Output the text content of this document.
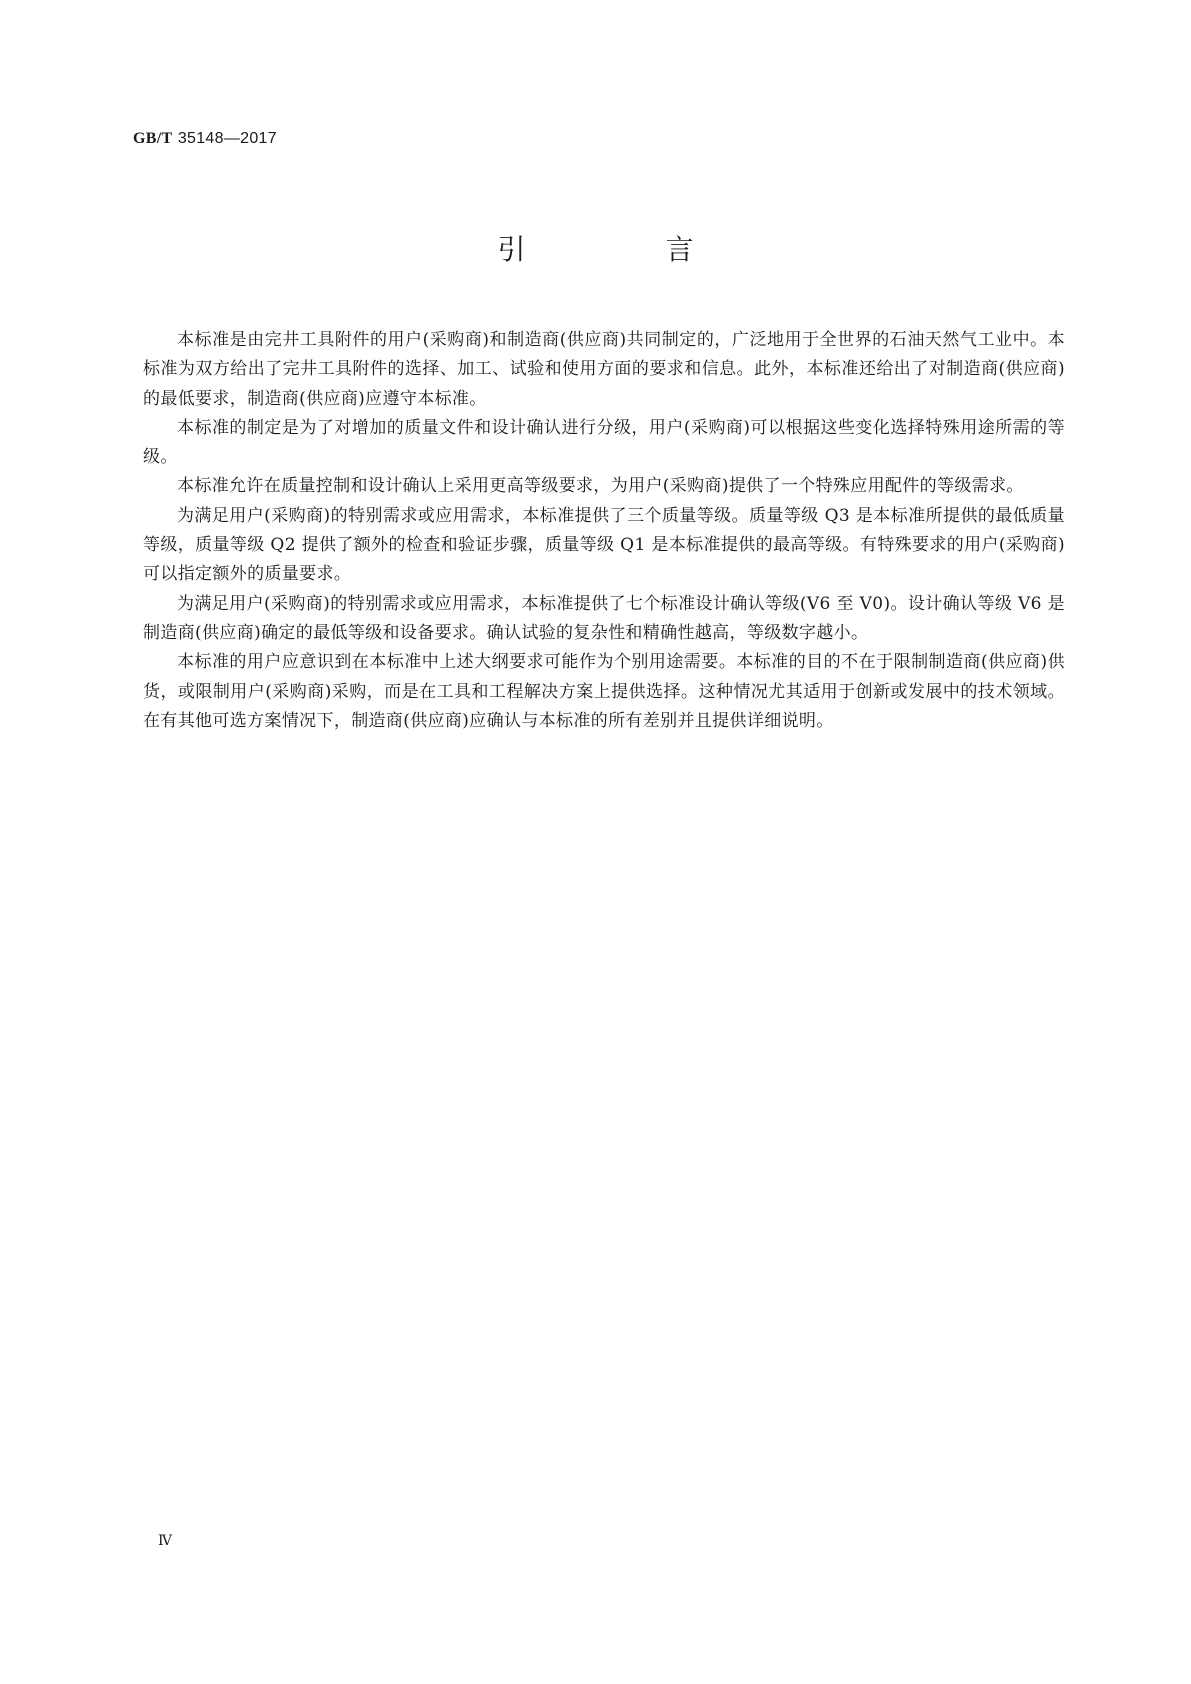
GB/T 35148—2017
引　言

本标准是由完井工具附件的用户(采购商)和制造商(供应商)共同制定的，广泛地用于全世界的石油天然气工业中。本标准为双方给出了完井工具附件的选择、加工、试验和使用方面的要求和信息。此外，本标准还给出了对制造商(供应商)的最低要求，制造商(供应商)应遵守本标准。

本标准的制定是为了对增加的质量文件和设计确认进行分级，用户(采购商)可以根据这些变化选择特殊用途所需的等级。

本标准允许在质量控制和设计确认上采用更高等级要求，为用户(采购商)提供了一个特殊应用配件的等级需求。

为满足用户(采购商)的特别需求或应用需求，本标准提供了三个质量等级。质量等级 Q3 是本标准所提供的最低质量等级，质量等级 Q2 提供了额外的检查和验证步骤，质量等级 Q1 是本标准提供的最高等级。有特殊要求的用户(采购商)可以指定额外的质量要求。

为满足用户(采购商)的特别需求或应用需求，本标准提供了七个标准设计确认等级(V6 至 V0)。设计确认等级 V6 是制造商(供应商)确定的最低等级和设备要求。确认试验的复杂性和精确性越高，等级数字越小。

本标准的用户应意识到在本标准中上述大纲要求可能作为个别用途需要。本标准的目的不在于限制制造商(供应商)供货，或限制用户(采购商)采购，而是在工具和工程解决方案上提供选择。这种情况尤其适用于创新或发展中的技术领域。在有其他可选方案情况下，制造商(供应商)应确认与本标准的所有差别并且提供详细说明。

Ⅳ
